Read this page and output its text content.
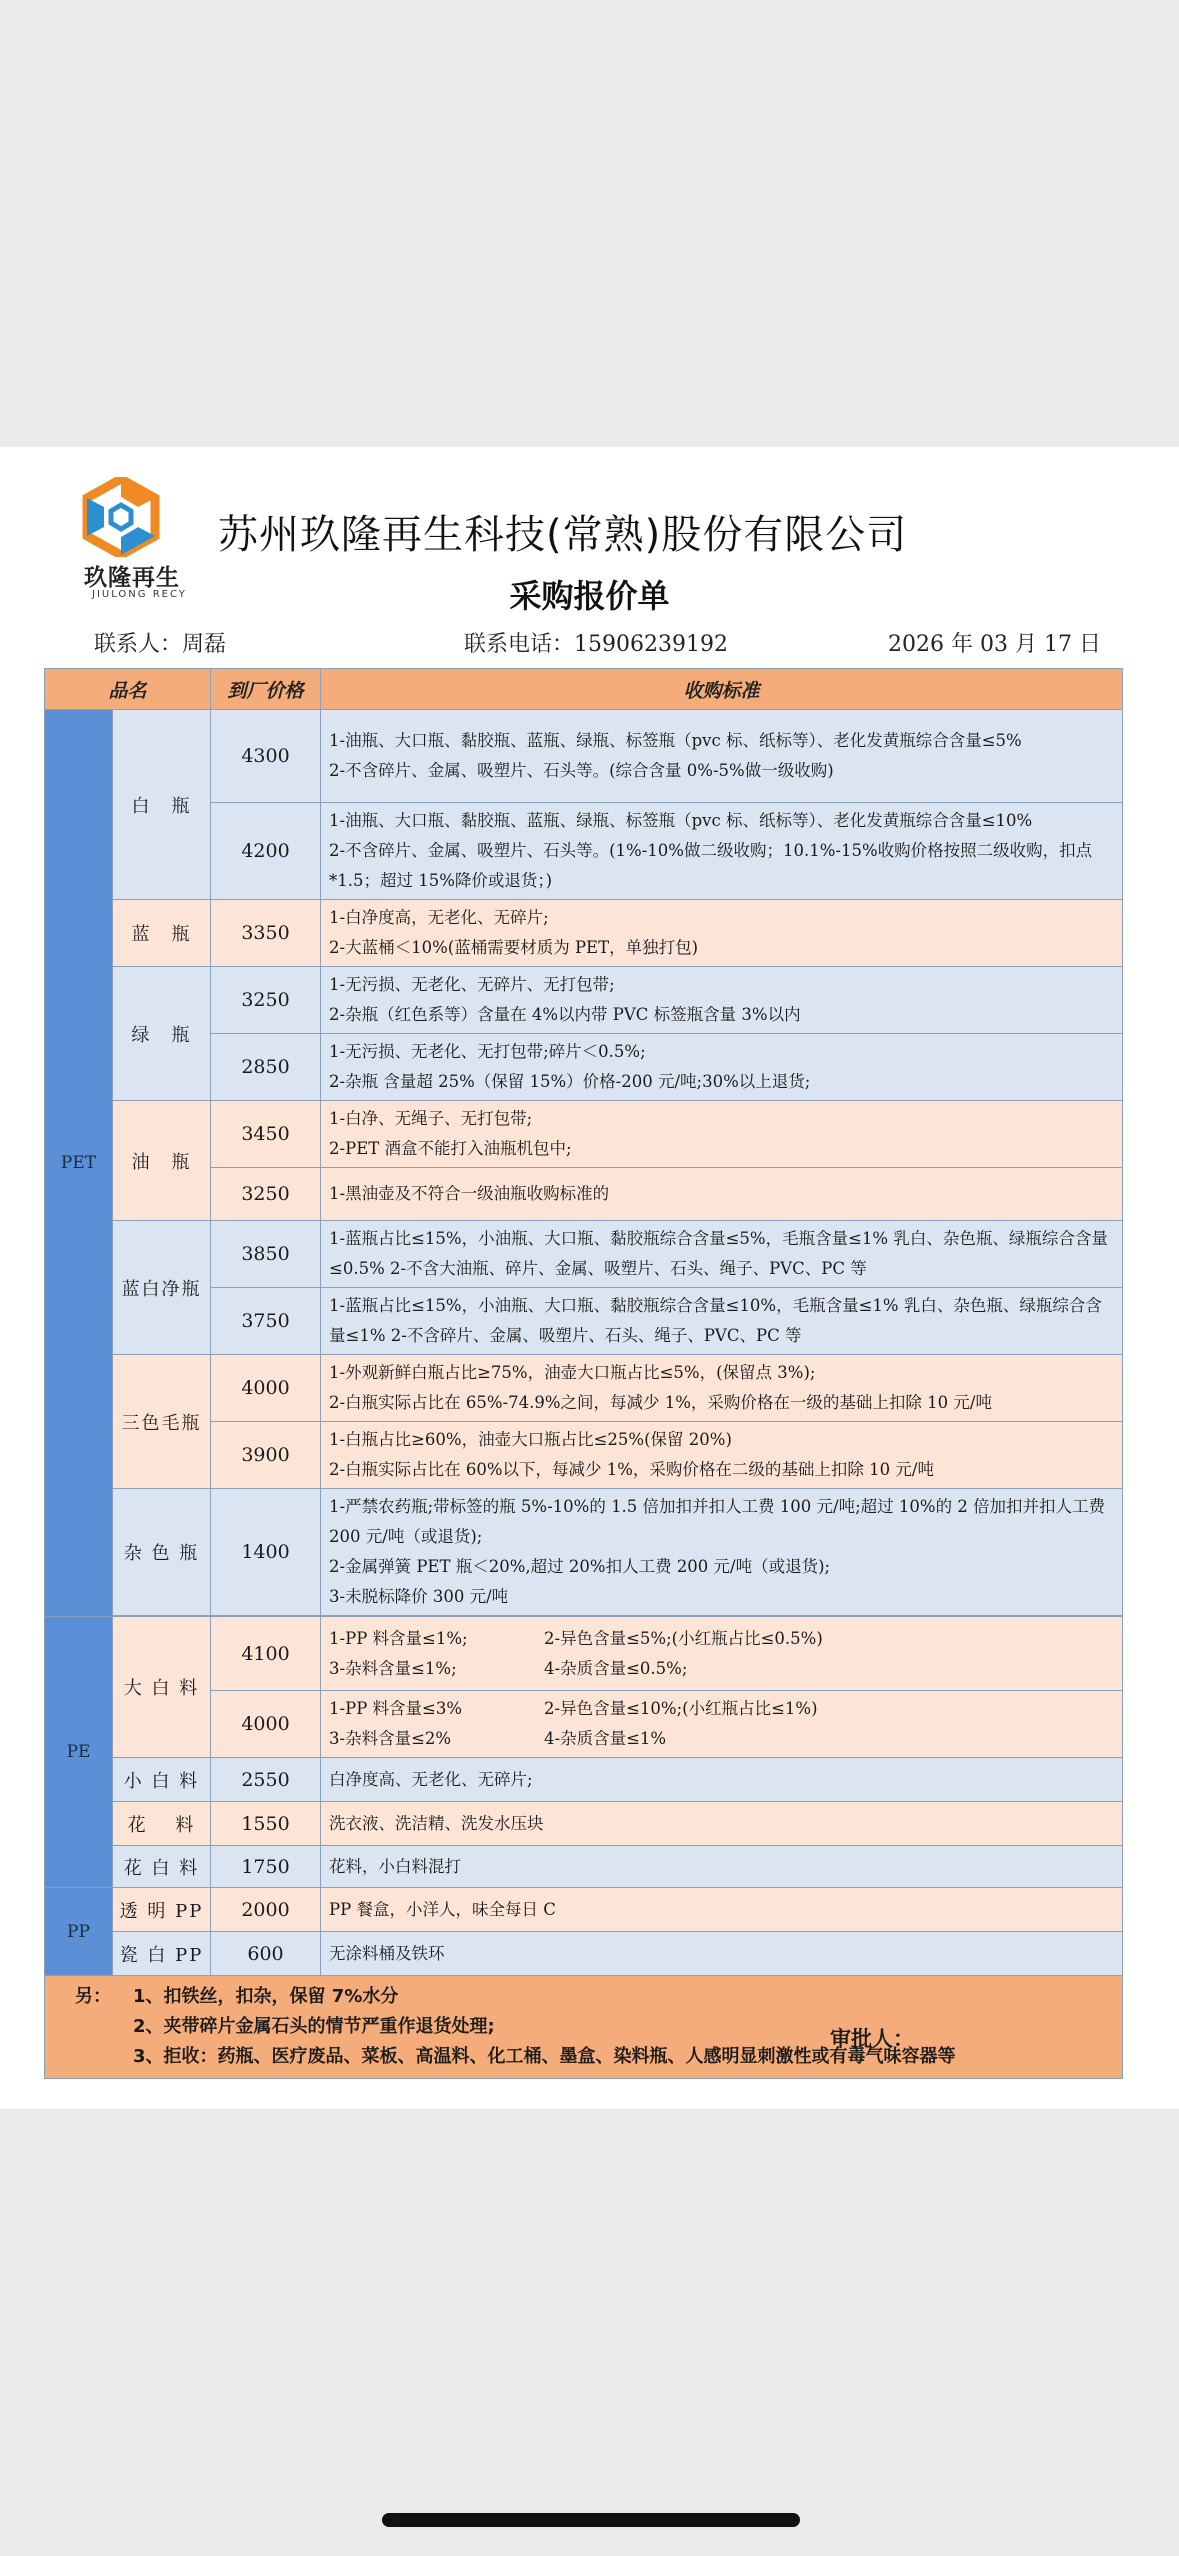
玖隆再生
JIULONG RECY
苏州玖隆再生科技(常熟)股份有限公司
采购报价单
联系人：周磊	联系电话：15906239192	2026 年 03 月 17 日
品名		到厂价格	收购标准
PET	白　瓶	4300	1-油瓶、大口瓶、黏胶瓶、蓝瓶、绿瓶、标签瓶（pvc 标、纸标等）、老化发黄瓶综合含量≤5%
2-不含碎片、金属、吸塑片、石头等。(综合含量 0%-5%做一级收购)

		4200	1-油瓶、大口瓶、黏胶瓶、蓝瓶、绿瓶、标签瓶（pvc 标、纸标等）、老化发黄瓶综合含量≤10%
2-不含碎片、金属、吸塑片、石头等。(1%-10%做二级收购；10.1%-15%收购价格按照二级收购，扣点*1.5；超过 15%降价或退货；)

	蓝　瓶	3350	1-白净度高，无老化、无碎片;
2-大蓝桶＜10%(蓝桶需要材质为 PET，单独打包)

	绿　瓶	3250	1-无污损、无老化、无碎片、无打包带;
2-杂瓶（红色系等）含量在 4%以内带 PVC 标签瓶含量 3%以内

		2850	1-无污损、无老化、无打包带;碎片＜0.5%;
2-杂瓶 含量超 25%（保留 15%）价格-200 元/吨;30%以上退货;

	油　瓶	3450	1-白净、无绳子、无打包带;
2-PET 酒盒不能打入油瓶机包中;

		3250	1-黑油壶及不符合一级油瓶收购标准的

	蓝白净瓶	3850	1-蓝瓶占比≤15%，小油瓶、大口瓶、黏胶瓶综合含量≤5%，毛瓶含量≤1% 乳白、杂色瓶、绿瓶综合含量≤0.5% 2-不含大油瓶、碎片、金属、吸塑片、石头、绳子、PVC、PC 等
		3750	1-蓝瓶占比≤15%，小油瓶、大口瓶、黏胶瓶综合含量≤10%，毛瓶含量≤1% 乳白、杂色瓶、绿瓶综合含量≤1% 2-不含碎片、金属、吸塑片、石头、绳子、PVC、PC 等
	三色毛瓶	4000	1-外观新鲜白瓶占比≥75%，油壶大口瓶占比≤5%，(保留点 3%);
2-白瓶实际占比在 65%-74.9%之间，每减少 1%，采购价格在一级的基础上扣除 10 元/吨

		3900	1-白瓶占比≥60%，油壶大口瓶占比≤25%(保留 20%)
2-白瓶实际占比在 60%以下，每减少 1%，采购价格在二级的基础上扣除 10 元/吨

	杂 色 瓶	1400	1-严禁农药瓶;带标签的瓶 5%-10%的 1.5 倍加扣并扣人工费 100 元/吨;超过 10%的 2 倍加扣并扣人工费 200 元/吨（或退货);
2-金属弹簧 PET 瓶＜20%,超过 20%扣人工费 200 元/吨（或退货);
3-未脱标降价 300 元/吨

PE	大 白 料	4100	1-PP 料含量≤1%; 2-异色含量≤5%;(小红瓶占比≤0.5%)
3-杂料含量≤1%; 4-杂质含量≤0.5%;

		4000	1-PP 料含量≤3% 2-异色含量≤10%;(小红瓶占比≤1%)
3-杂料含量≤2% 4-杂质含量≤1%

	小 白 料	2550	白净度高、无老化、无碎片;
	花　 料	1550	洗衣液、洗洁精、洗发水压块
	花 白 料	1750	花料，小白料混打
PP	透 明 PP	2000	PP 餐盒，小洋人，味全每日 C
	瓷 白 PP	600	无涂料桶及铁环

另： 1、扣铁丝，扣杂，保留 7%水分
2、夹带碎片金属石头的情节严重作退货处理;
3、拒收：药瓶、医疗废品、菜板、高温料、化工桶、墨盒、染料瓶、人感明显刺激性或有毒气味容器等			
审批人：
